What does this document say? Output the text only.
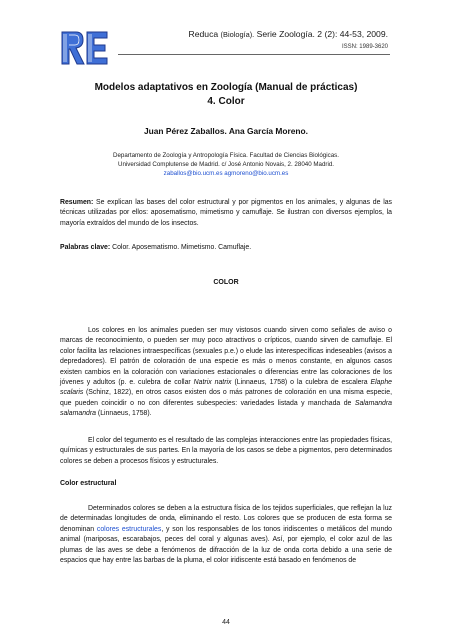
Reduca (Biología). Serie Zoología. 2 (2): 44-53, 2009.
ISSN: 1989-3620
Modelos adaptativos en Zoología (Manual de prácticas)
4. Color
Juan Pérez Zaballos. Ana García Moreno.
Departamento de Zoología y Antropología Física. Facultad de Ciencias Biológicas.
Universidad Complutense de Madrid. c/ José Antonio Novais, 2. 28040 Madrid.
zaballos@bio.ucm.es agmoreno@bio.ucm.es
Resumen: Se explican las bases del color estructural y por pigmentos en los animales, y algunas de las técnicas utilizadas por ellos: aposematismo, mimetismo y camuflaje. Se ilustran con diversos ejemplos, la mayoría extraídos del mundo de los insectos.
Palabras clave: Color. Aposematismo. Mimetismo. Camuflaje.
COLOR
Los colores en los animales pueden ser muy vistosos cuando sirven como señales de aviso o marcas de reconocimiento, o pueden ser muy poco atractivos o crípticos, cuando sirven de camuflaje. El color facilita las relaciones intraespecíficas (sexuales p.e.) o elude las interespecíficas indeseables (avisos a depredadores). El patrón de coloración de una especie es más o menos constante, en algunos casos existen cambios en la coloración con variaciones estacionales o diferencias entre las coloraciones de los jóvenes y adultos (p. e. culebra de collar Natrix natrix (Linnaeus, 1758) o la culebra de escalera Elaphe scalaris (Schinz, 1822), en otros casos existen dos o más patrones de coloración en una misma especie, que pueden coincidir o no con diferentes subespecies: variedades listada y manchada de Salamandra salamandra (Linnaeus, 1758).
El color del tegumento es el resultado de las complejas interacciones entre las propiedades físicas, químicas y estructurales de sus partes. En la mayoría de los casos se debe a pigmentos, pero determinados colores se deben a procesos físicos y estructurales.
Color estructural
Determinados colores se deben a la estructura física de los tejidos superficiales, que reflejan la luz de determinadas longitudes de onda, eliminando el resto. Los colores que se producen de esta forma se denominan colores estructurales, y son los responsables de los tonos iridiscentes o metálicos del mundo animal (mariposas, escarabajos, peces del coral y algunas aves). Así, por ejemplo, el color azul de las plumas de las aves se debe a fenómenos de difracción de la luz de onda corta debido a una serie de espacios que hay entre las barbas de la pluma, el color iridiscente está basado en fenómenos de
44
